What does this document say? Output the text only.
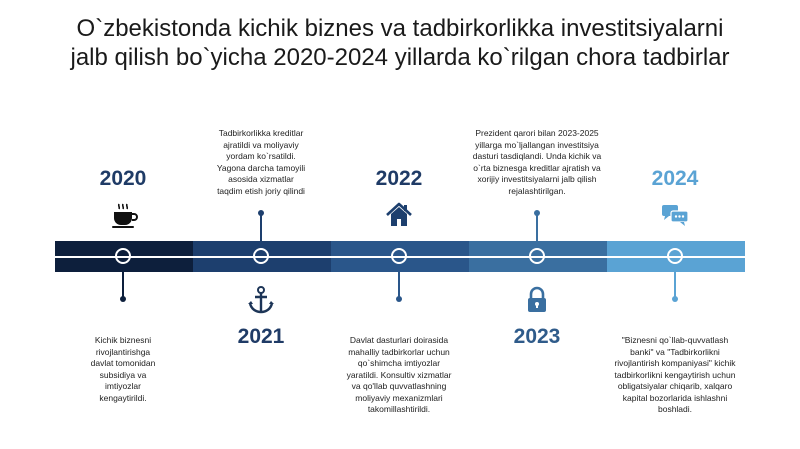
O`zbekistonda kichik biznes va tadbirkorlikka investitsiyalarni
jalb qilish bo`yicha 2020-2024 yillarda ko`rilgan chora tadbirlar
2020
Kichik biznesni
rivojlantirishga
davlat tomonidan
subsidiya va
imtiyozlar
kengaytirildi.
2021
Tadbirkorlikka kreditlar
ajratildi va moliyaviy
yordam ko`rsatildi.
Yagona darcha tamoyili
asosida xizmatlar
taqdim etish joriy qilindi
2022
Davlat dasturlari doirasida
mahalliy tadbirkorlar uchun
qo`shimcha imtiyozlar
yaratildi. Konsultiv xizmatlar
va qo'llab quvvatlashning
moliyaviy mexanizmlari
takomillashtirildi.
2023
Prezident qarori bilan 2023-2025
yillarga mo`ljallangan investitsiya
dasturi tasdiqlandi. Unda kichik va
o`rta biznesga kreditlar ajratish va
xorijiy investitsiyalarni jalb qilish
rejalashtirilgan.
2024
"Biznesni qo`llab-quvvatlash
banki" va "Tadbirkorlikni
rivojlantirish kompaniyasi" kichik
tadbirkorlikni kengaytirish uchun
obligatsiyalar chiqarib, xalqaro
kapital bozorlarida ishlashni
boshladi.
